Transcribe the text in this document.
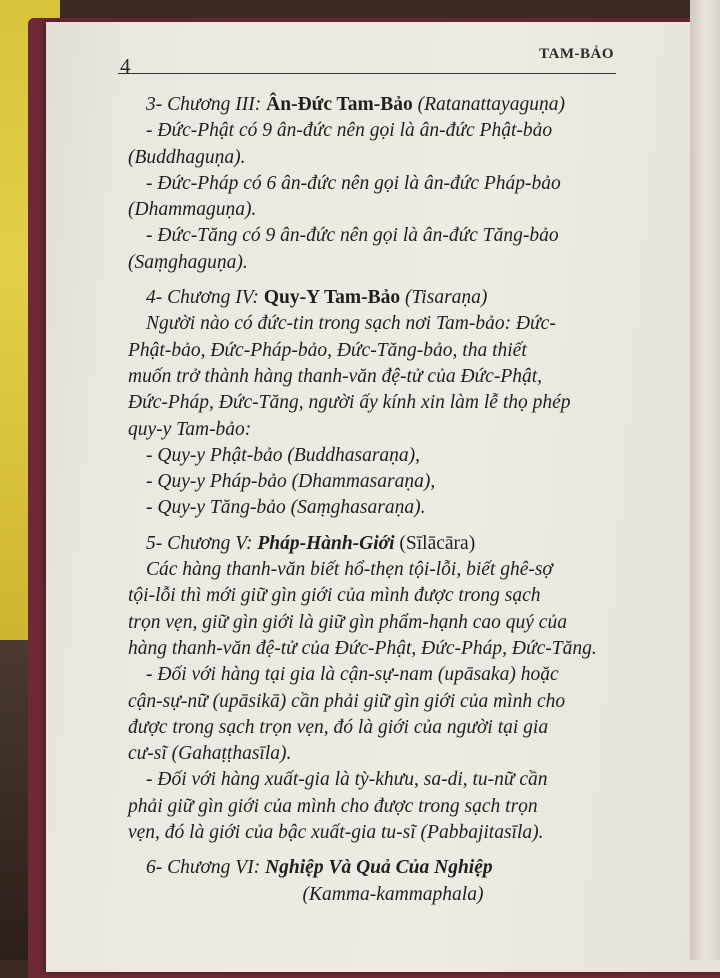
TAM-BẢO
4

3- Chương III: Ân-Đức Tam-Bảo (Ratanattayaguṇa)

- Đức-Phật có 9 ân-đức nên gọi là ân-đức Phật-bảo

(Buddhaguṇa).

- Đức-Pháp có 6 ân-đức nên gọi là ân-đức Pháp-bảo

(Dhammaguṇa).

- Đức-Tăng có 9 ân-đức nên gọi là ân-đức Tăng-bảo

(Saṃghaguṇa).

4- Chương IV: Quy-Y Tam-Bảo (Tisaraṇa)

Người nào có đức-tin trong sạch nơi Tam-bảo: Đức-

Phật-bảo, Đức-Pháp-bảo, Đức-Tăng-bảo, tha thiết

muốn trở thành hàng thanh-văn đệ-tử của Đức-Phật,

Đức-Pháp, Đức-Tăng, người ấy kính xin làm lễ thọ phép

quy-y Tam-bảo:

- Quy-y Phật-bảo (Buddhasaraṇa),

- Quy-y Pháp-bảo (Dhammasaraṇa),

- Quy-y Tăng-bảo (Saṃghasaraṇa).

5- Chương V: Pháp-Hành-Giới (Sīlācāra)

Các hàng thanh-văn biết hổ-thẹn tội-lỗi, biết ghê-sợ

tội-lỗi thì mới giữ gìn giới của mình được trong sạch

trọn vẹn, giữ gìn giới là giữ gìn phẩm-hạnh cao quý của

hàng thanh-văn đệ-tử của Đức-Phật, Đức-Pháp, Đức-Tăng.

- Đối với hàng tại gia là cận-sự-nam (upāsaka) hoặc

cận-sự-nữ (upāsikā) cần phải giữ gìn giới của mình cho

được trong sạch trọn vẹn, đó là giới của người tại gia

cư-sĩ (Gahaṭṭhasīla).

- Đối với hàng xuất-gia là tỳ-khưu, sa-di, tu-nữ cần

phải giữ gìn giới của mình cho được trong sạch trọn

vẹn, đó là giới của bậc xuất-gia tu-sĩ (Pabbajitasīla).

6- Chương VI: Nghiệp Và Quả Của Nghiệp

(Kamma-kammaphala)
